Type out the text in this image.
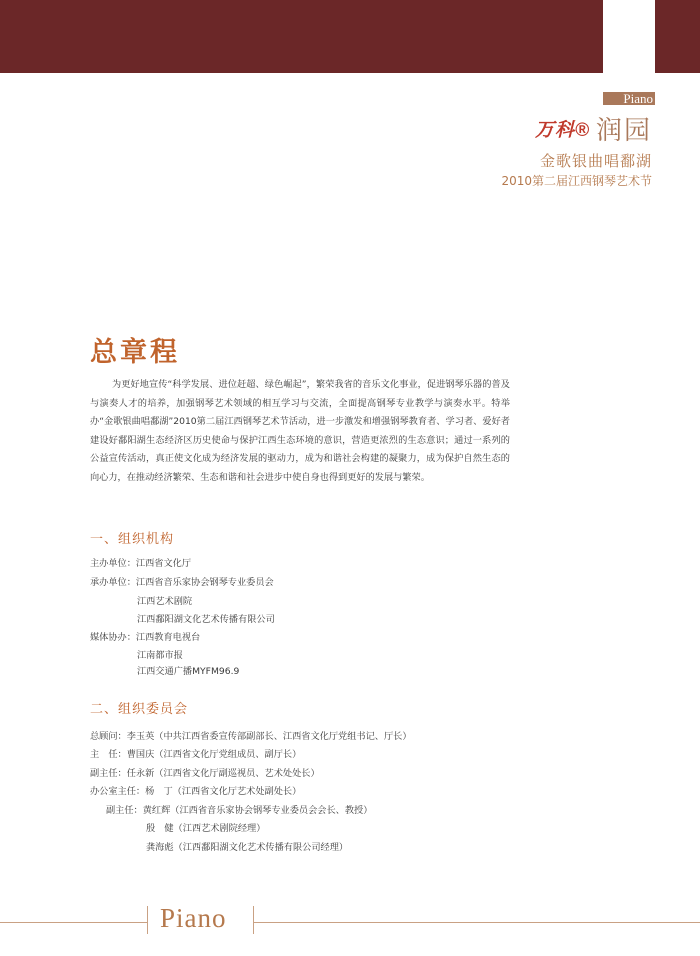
Piano
万科® 润园
金歌银曲唱鄱湖
2010第二届江西钢琴艺术节
总章程
为更好地宣传“科学发展、进位赶超、绿色崛起”，繁荣我省的音乐文化事业，促进钢琴乐器的普及与演奏人才的培养，加强钢琴艺术领域的相互学习与交流，全面提高钢琴专业教学与演奏水平。特举办“金歌银曲唱鄱湖”2010第二届江西钢琴艺术节活动，进一步激发和增强钢琴教育者、学习者、爱好者建设好鄱阳湖生态经济区历史使命与保护江西生态环境的意识，营造更浓烈的生态意识；通过一系列的公益宣传活动，真正使文化成为经济发展的驱动力，成为和谐社会构建的凝聚力，成为保护自然生态的向心力，在推动经济繁荣、生态和谐和社会进步中使自身也得到更好的发展与繁荣。
一、组织机构
主办单位：江西省文化厅
承办单位：江西省音乐家协会钢琴专业委员会
江西艺术剧院
江西鄱阳湖文化艺术传播有限公司
媒体协办：江西教育电视台
江南都市报
江西交通广播MYFM96.9
二、组织委员会
总顾问：李玉英（中共江西省委宣传部副部长、江西省文化厅党组书记、厅长）
主　任：曹国庆（江西省文化厅党组成员、副厅长）
副主任：任永新（江西省文化厅副巡视员、艺术处处长）
办公室主任：杨　丁（江西省文化厅艺术处副处长）
副主任：黄红辉（江西省音乐家协会钢琴专业委员会会长、教授）
殷　健（江西艺术剧院经理）
龚海彪（江西鄱阳湖文化艺术传播有限公司经理）
Piano
